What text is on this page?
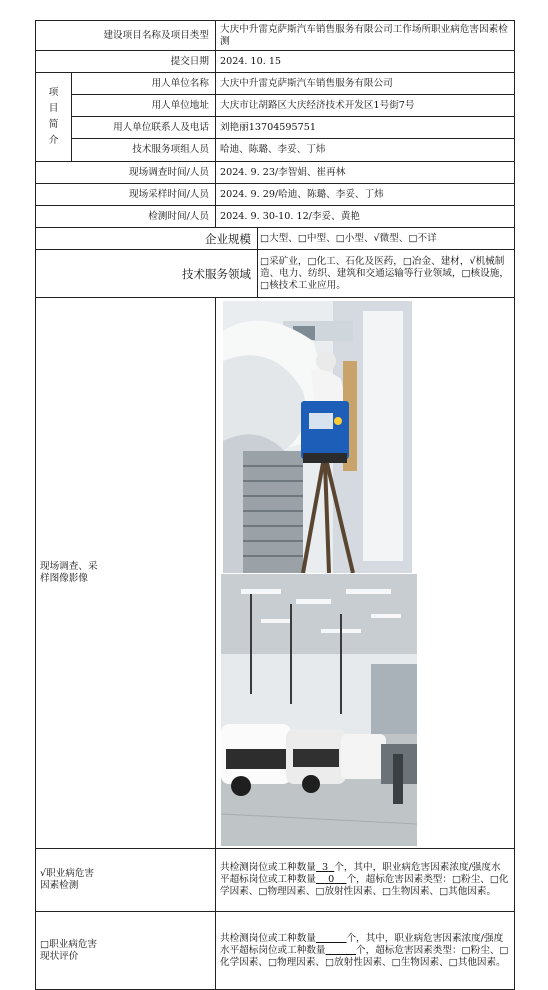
建设项目名称及项目类型		大庆中升雷克萨斯汽车销售服务有限公司工作场所职业病危害因素检测	
提交日期		2024. 10. 15	
项目简介	用人单位名称	大庆中升雷克萨斯汽车销售服务有限公司	
	用人单位地址	大庆市让胡路区大庆经济技术开发区1号街7号	
	用人单位联系人及电话	刘艳丽13704595751	
	技术服务项组人员	哈迪、陈璐、李妥、丁炜	
现场调查时间/人员		2024. 9. 23/李智娟、崔再林	
现场采样时间/人员		2024. 9. 29/哈迪、陈璐、李妥、丁炜	
检测时间/人员		2024. 9. 30-10. 12/李妥、黄艳	
企业规模			□大型、□中型、□小型、√微型、□不详
技术服务领域			□采矿业，□化工、石化及医药，□冶金、建材，√机械制造、电力、纺织、建筑和交通运输等行业领域，□核设施，□核技术工业应用。

现场调查、采样图像影像

√职业病危害因素检测		共检测岗位或工种数量 3 个，其中，职业病危害因素浓度/强度水平超标岗位或工种数量 0 个，超标危害因素类型：□粉尘、□化学因素、□物理因素、□放射性因素、□生物因素、□其他因素。	

□职业病危害现状评价		共检测岗位或工种数量 个，其中，职业病危害因素浓度/强度水平超标岗位或工种数量 个，超标危害因素类型：□粉尘、□化学因素、□物理因素、□放射性因素、□生物因素、□其他因素。	
